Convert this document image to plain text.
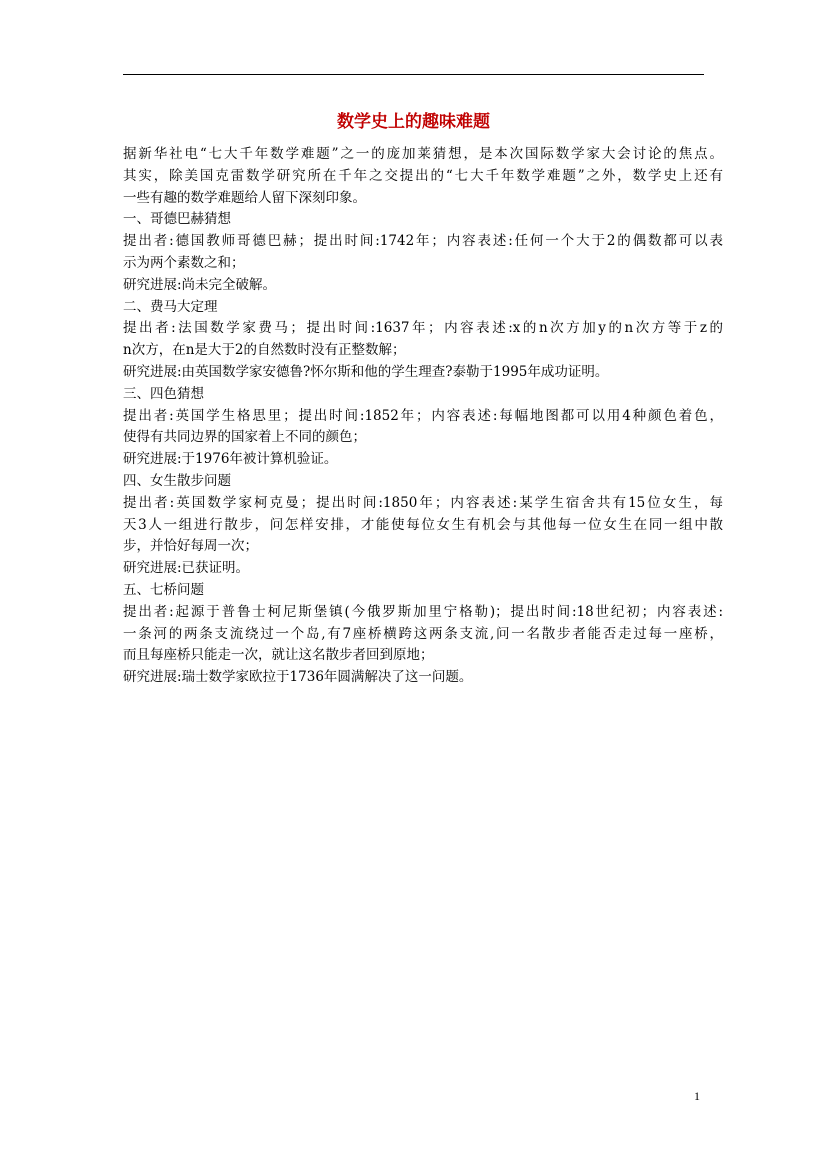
数学史上的趣味难题
据新华社电“七大千年数学难题”之一的庞加莱猜想，是本次国际数学家大会讨论的焦点。
其实，除美国克雷数学研究所在千年之交提出的“七大千年数学难题”之外，数学史上还有
一些有趣的数学难题给人留下深刻印象。
一、哥德巴赫猜想
提出者:德国教师哥德巴赫；提出时间:1742年；内容表述:任何一个大于2的偶数都可以表
示为两个素数之和；
研究进展:尚未完全破解。
二、费马大定理
提出者:法国数学家费马；提出时间:1637年；内容表述:x的n次方加y的n次方等于z的
n次方，在n是大于2的自然数时没有正整数解；
研究进展:由英国数学家安德鲁?怀尔斯和他的学生理查?泰勒于1995年成功证明。
三、四色猜想
提出者:英国学生格思里；提出时间:1852年；内容表述:每幅地图都可以用4种颜色着色，
使得有共同边界的国家着上不同的颜色；
研究进展:于1976年被计算机验证。
四、女生散步问题
提出者:英国数学家柯克曼；提出时间:1850年；内容表述:某学生宿舍共有15位女生，每
天3人一组进行散步，问怎样安排，才能使每位女生有机会与其他每一位女生在同一组中散
步，并恰好每周一次；
研究进展:已获证明。
五、七桥问题
提出者:起源于普鲁士柯尼斯堡镇(今俄罗斯加里宁格勒)；提出时间:18世纪初；内容表述:
一条河的两条支流绕过一个岛,有7座桥横跨这两条支流,问一名散步者能否走过每一座桥，
而且每座桥只能走一次，就让这名散步者回到原地；
研究进展:瑞士数学家欧拉于1736年圆满解决了这一问题。
1
